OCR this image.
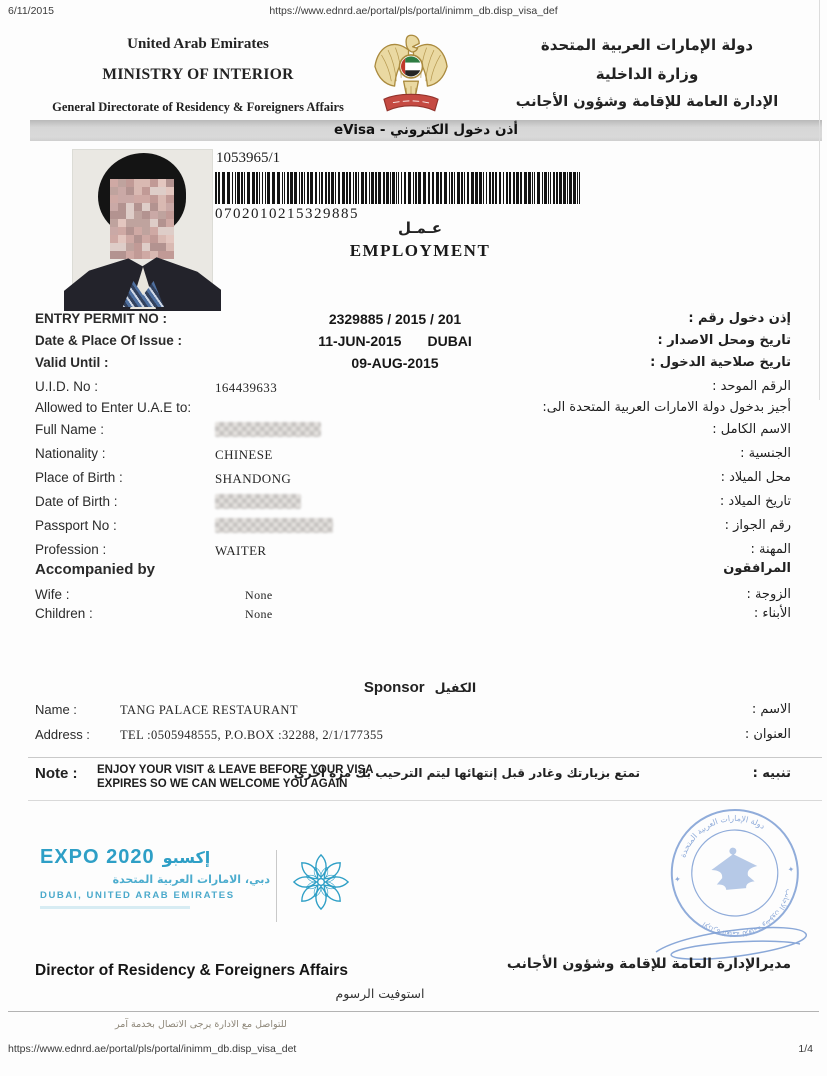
6/11/2015	https://www.ednrd.ae/portal/pls/portal/inimm_db.disp_visa_def
United Arab Emirates
MINISTRY OF INTERIOR
General Directorate of Residency & Foreigners Affairs
دولة الإمارات العربية المتحدة
وزارة الداخلية
الإدارة العامة للإقامة وشؤون الأجانب
أذن دخول الكتروني - eVisa
1053965/1
0702010215329885
عـمـل
EMPLOYMENT
ENTRY PERMIT NO :	2329885 / 2015 / 201	إذن دخول رقم :
Date & Place Of Issue :	11-JUN-2015 DUBAI	تاريخ ومحل الاصدار :
Valid Until :	09-AUG-2015	تاريخ صلاحية الدخول :
U.I.D. No :	164439633	الرقم الموحد :
Allowed to Enter U.A.E to:	أجيز بدخول دولة الامارات العربية المتحدة الى:
Full Name :	الاسم الكامل :
Nationality :	CHINESE	الجنسية :
Place of Birth :	SHANDONG	محل الميلاد :
Date of Birth :	تاريخ الميلاد :
Passport No :	رقم الجواز :
Profession :	WAITER	المهنة :
Accompanied by	المرافقون
Wife :	None	الزوجة :
Children :	None	الأبناء :
Sponsor الكفيل
Name :	TANG PALACE RESTAURANT	الاسم :
Address : TEL :0505948555, P.O.BOX :32288, 2/1/177355	العنوان :
Note : ENJOY YOUR VISIT & LEAVE BEFORE YOUR VISA
EXPIRES SO WE CAN WELCOME YOU AGAIN
تمتع بزيارتك وغادر قبل إنتهائها ليتم الترحيب بك مرة أخرى	تنبيه :
EXPO 2020 إكسبو
دبي، الامارات العربية المتحدة
DUBAI, UNITED ARAB EMIRATES
دولة الإمارات العربية المتحدة
الإدارة العامة للإقامة وشؤون الأجانب
✦
✦
Director of Residency & Foreigners Affairs	مديرالإدارة العامة للإقامة وشؤون الأجانب
استوفيت الرسوم
للتواصل مع الادارة يرجى الاتصال بخدمة آمر
https://www.ednrd.ae/portal/pls/portal/inimm_db.disp_visa_det	1/4
